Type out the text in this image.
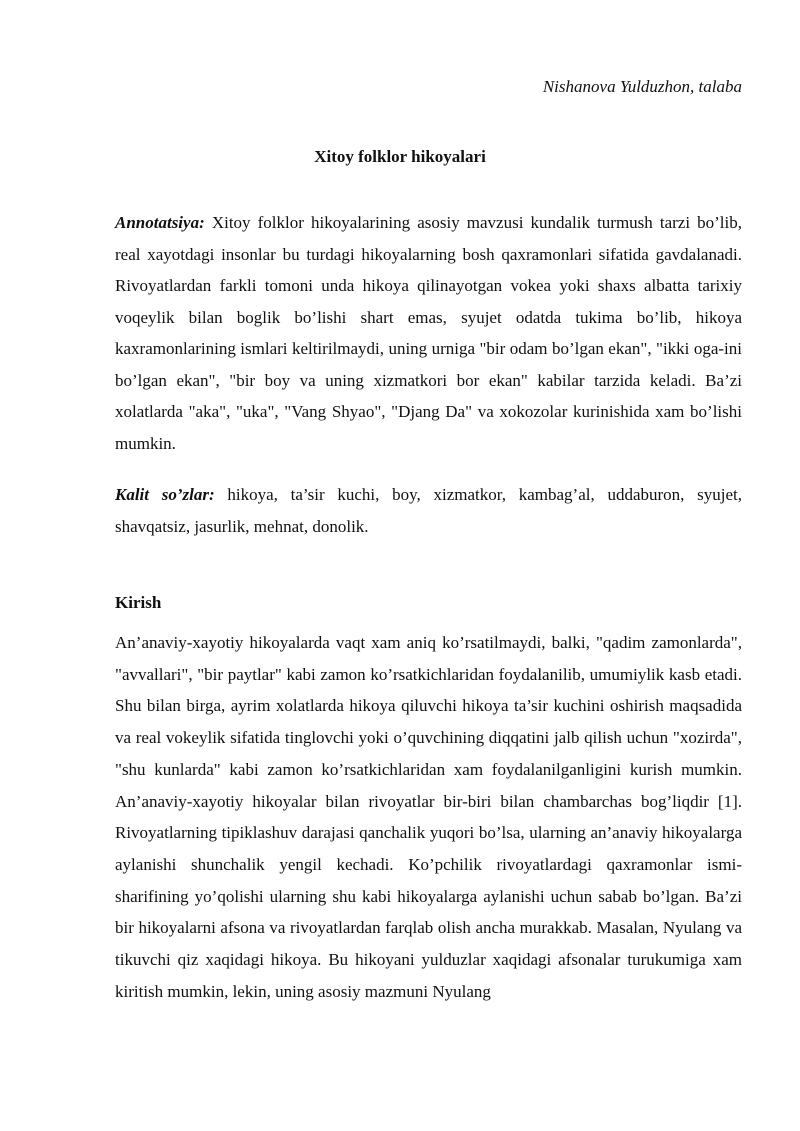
Nishanova Yulduzhon, talaba
Xitoy folklor hikoyalari

Annotatsiya: Xitoy folklor hikoyalarining asosiy mavzusi kundalik turmush tarzi bo’lib, real xayotdagi insonlar bu turdagi hikoyalarning bosh qaxramonlari sifatida gavdalanadi. Rivoyatlardan farkli tomoni unda hikoya qilinayotgan vokea yoki shaxs albatta tarixiy voqeylik bilan boglik bo’lishi shart emas, syujet odatda tukima bo’lib, hikoya kaxramonlarining ismlari keltirilmaydi, uning urniga "bir odam bo’lgan ekan", "ikki oga-ini bo’lgan ekan", "bir boy va uning xizmatkori bor ekan" kabilar tarzida keladi. Ba’zi xolatlarda "aka", "uka", "Vang Shyao", "Djang Da" va xokozolar kurinishida xam bo’lishi mumkin.

Kalit so’zlar: hikoya, ta’sir kuchi, boy, xizmatkor, kambag’al, uddaburon, syujet, shavqatsiz, jasurlik, mehnat, donolik.

Kirish

An’anaviy-xayotiy hikoyalarda vaqt xam aniq ko’rsatilmaydi, balki, "qadim zamonlarda", "avvallari", "bir paytlar" kabi zamon ko’rsatkichlaridan foydalanilib, umumiylik kasb etadi. Shu bilan birga, ayrim xolatlarda hikoya qiluvchi hikoya ta’sir kuchini oshirish maqsadida va real vokeylik sifatida tinglovchi yoki o’quvchining diqqatini jalb qilish uchun "xozirda", "shu kunlarda" kabi zamon ko’rsatkichlaridan xam foydalanilganligini kurish mumkin. An’anaviy-xayotiy hikoyalar bilan rivoyatlar bir-biri bilan chambarchas bog’liqdir [1]. Rivoyatlarning tipiklashuv darajasi qanchalik yuqori bo’lsa, ularning an’anaviy hikoyalarga aylanishi shunchalik yengil kechadi. Ko’pchilik rivoyatlardagi qaxramonlar ismi-sharifining yo’qolishi ularning shu kabi hikoyalarga aylanishi uchun sabab bo’lgan. Ba’zi bir hikoyalarni afsona va rivoyatlardan farqlab olish ancha murakkab. Masalan, Nyulang va tikuvchi qiz xaqidagi hikoya. Bu hikoyani yulduzlar xaqidagi afsonalar turukumiga xam kiritish mumkin, lekin, uning asosiy mazmuni Nyulang
